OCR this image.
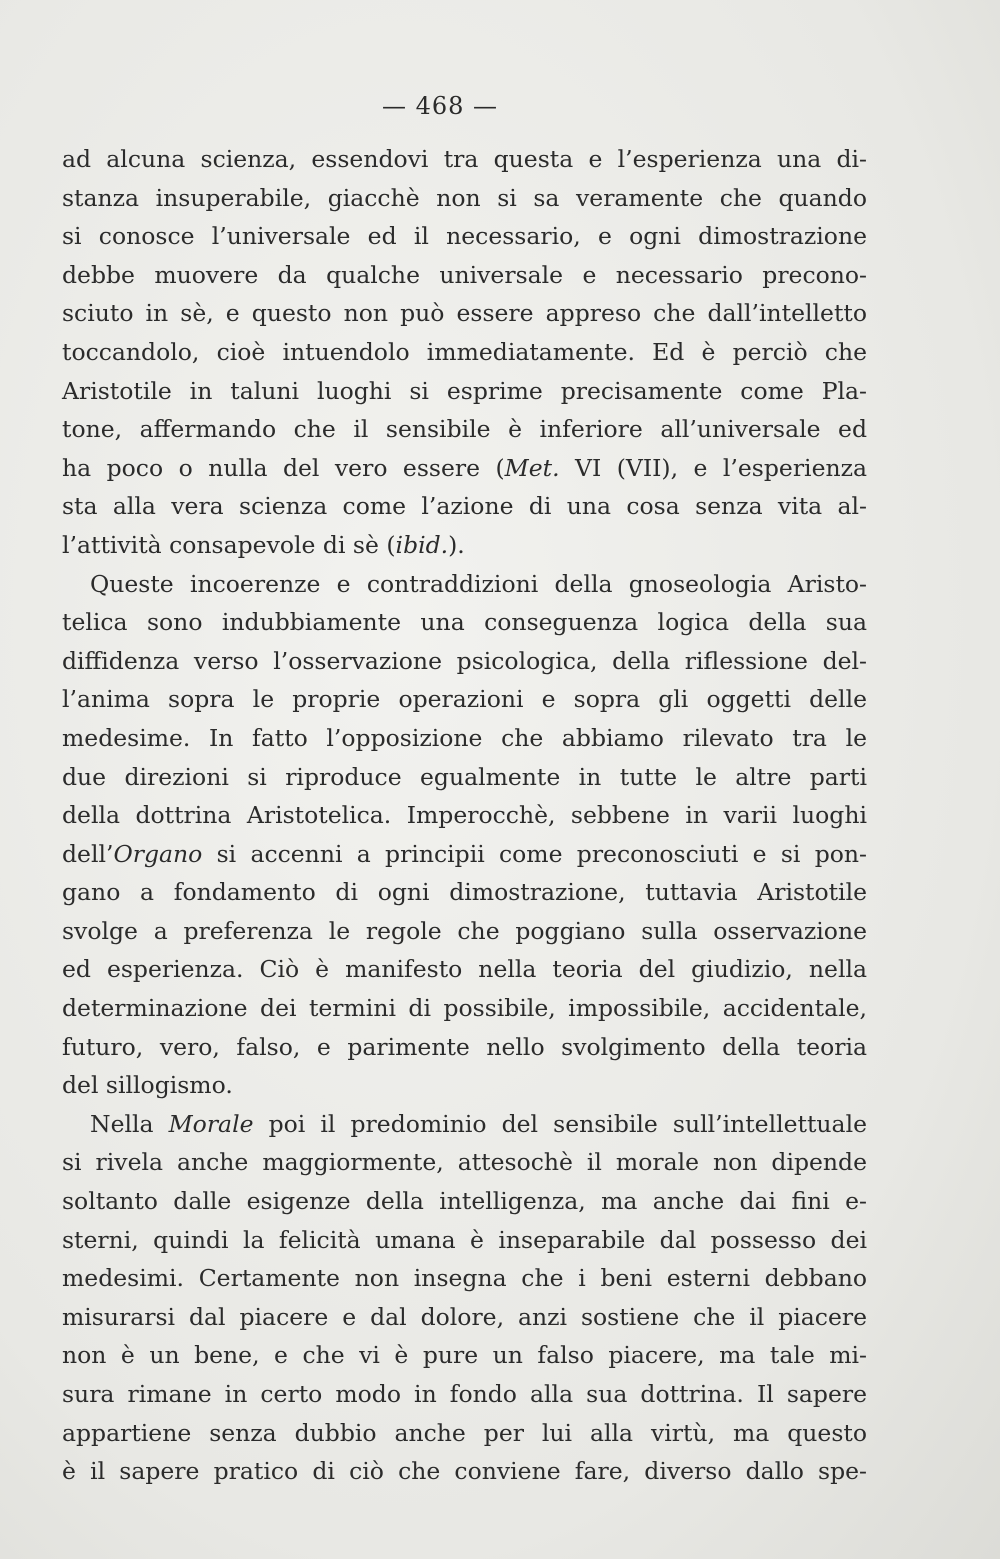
— 468 —
ad alcuna scienza, essendovi tra questa e l’esperienza una di-
stanza insuperabile, giacchè non si sa veramente che quando
si conosce l’universale ed il necessario, e ogni dimostrazione
debbe muovere da qualche universale e necessario precono-
sciuto in sè, e questo non può essere appreso che dall’intelletto
toccandolo, cioè intuendolo immediatamente. Ed è perciò che
Aristotile in taluni luoghi si esprime precisamente come Pla-
tone, affermando che il sensibile è inferiore all’universale ed
ha poco o nulla del vero essere (Met. VI (VII), e l’esperienza
sta alla vera scienza come l’azione di una cosa senza vita al-
l’attività consapevole di sè (ibid.).
Queste incoerenze e contraddizioni della gnoseologia Aristo-
telica sono indubbiamente una conseguenza logica della sua
diffidenza verso l’osservazione psicologica, della riflessione del-
l’anima sopra le proprie operazioni e sopra gli oggetti delle
medesime. In fatto l’opposizione che abbiamo rilevato tra le
due direzioni si riproduce egualmente in tutte le altre parti
della dottrina Aristotelica. Imperocchè, sebbene in varii luoghi
dell’Organo si accenni a principii come preconosciuti e si pon-
gano a fondamento di ogni dimostrazione, tuttavia Aristotile
svolge a preferenza le regole che poggiano sulla osservazione
ed esperienza. Ciò è manifesto nella teoria del giudizio, nella
determinazione dei termini di possibile, impossibile, accidentale,
futuro, vero, falso, e parimente nello svolgimento della teoria
del sillogismo.
Nella Morale poi il predominio del sensibile sull’intellettuale
si rivela anche maggiormente, attesochè il morale non dipende
soltanto dalle esigenze della intelligenza, ma anche dai fini e-
sterni, quindi la felicità umana è inseparabile dal possesso dei
medesimi. Certamente non insegna che i beni esterni debbano
misurarsi dal piacere e dal dolore, anzi sostiene che il piacere
non è un bene, e che vi è pure un falso piacere, ma tale mi-
sura rimane in certo modo in fondo alla sua dottrina. Il sapere
appartiene senza dubbio anche per lui alla virtù, ma questo
è il sapere pratico di ciò che conviene fare, diverso dallo spe-
